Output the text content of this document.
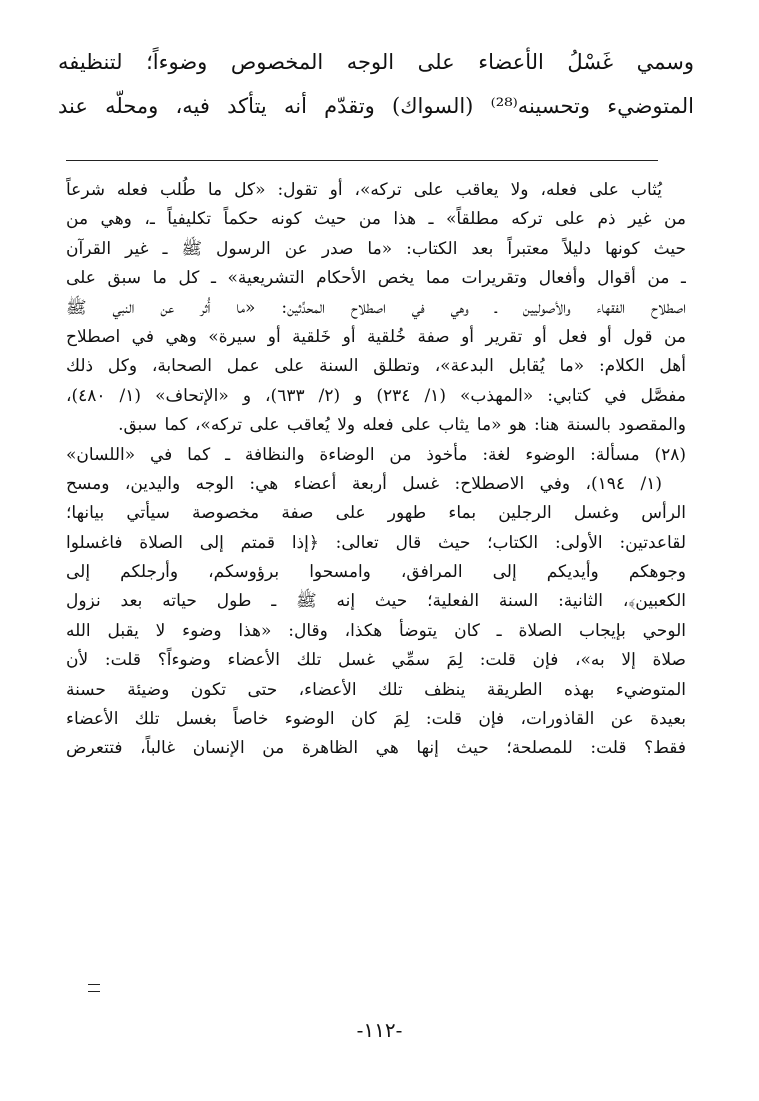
وسمي غَسْلُ الأعضاء على الوجه المخصوص وضوءاً؛ لتنظيفه
المتوضيء وتحسينه⁽²⁸⁾ (السواك) وتقدّم أنه يتأكد فيه، ومحلّه عند
يُثاب على فعله، ولا يعاقب على تركه»، أو تقول: «كل ما طُلب فعله شرعاً
من غير ذم على تركه مطلقاً» ـ هذا من حيث كونه حكماً تكليفياً ـ، وهي من
حيث كونها دليلاً معتبراً بعد الكتاب: «ما صدر عن الرسول ﷺ ـ غير القرآن
ـ من أقوال وأفعال وتقريرات مما يخص الأحكام التشريعية» ـ كل ما سبق على
اصطلاح الفقهاء والأصوليين ـ وهي في اصطلاح المحدِّثين: «ما أُثر عن النبي ﷺ
من قول أو فعل أو تقرير أو صفة خُلقية أو خَلقية أو سيرة» وهي في اصطلاح
أهل الكلام: «ما يُقابل البدعة»، وتطلق السنة على عمل الصحابة، وكل ذلك
مفصَّل في كتابي: «المهذب» (١/ ٢٣٤) و (٢/ ٦٣٣)، و «الإتحاف» (١/ ٤٨٠)،
والمقصود بالسنة هنا: هو «ما يثاب على فعله ولا يُعاقب على تركه»، كما سبق.
(٢٨) مسألة: الوضوء لغة: مأخوذ من الوضاءة والنظافة ـ كما في «اللسان»
(١/ ١٩٤)، وفي الاصطلاح: غسل أربعة أعضاء هي: الوجه واليدين، ومسح
الرأس وغسل الرجلين بماء طهور على صفة مخصوصة سيأتي بيانها؛
لقاعدتين: الأولى: الكتاب؛ حيث قال تعالى: ﴿إذا قمتم إلى الصلاة فاغسلوا
وجوهكم وأيديكم إلى المرافق، وامسحوا برؤوسكم، وأرجلكم إلى
الكعبين﴾، الثانية: السنة الفعلية؛ حيث إنه ﷺ ـ طول حياته بعد نزول
الوحي بإيجاب الصلاة ـ كان يتوضأ هكذا، وقال: «هذا وضوء لا يقبل الله
صلاة إلا به»، فإن قلت: لِمَ سمِّي غسل تلك الأعضاء وضوءاً؟ قلت: لأن
المتوضيء بهذه الطريقة ينظف تلك الأعضاء، حتى تكون وضيئة حسنة
بعيدة عن القاذورات، فإن قلت: لِمَ كان الوضوء خاصاً بغسل تلك الأعضاء
فقط؟ قلت: للمصلحة؛ حيث إنها هي الظاهرة من الإنسان غالباً، فتتعرض
-١١٢-
